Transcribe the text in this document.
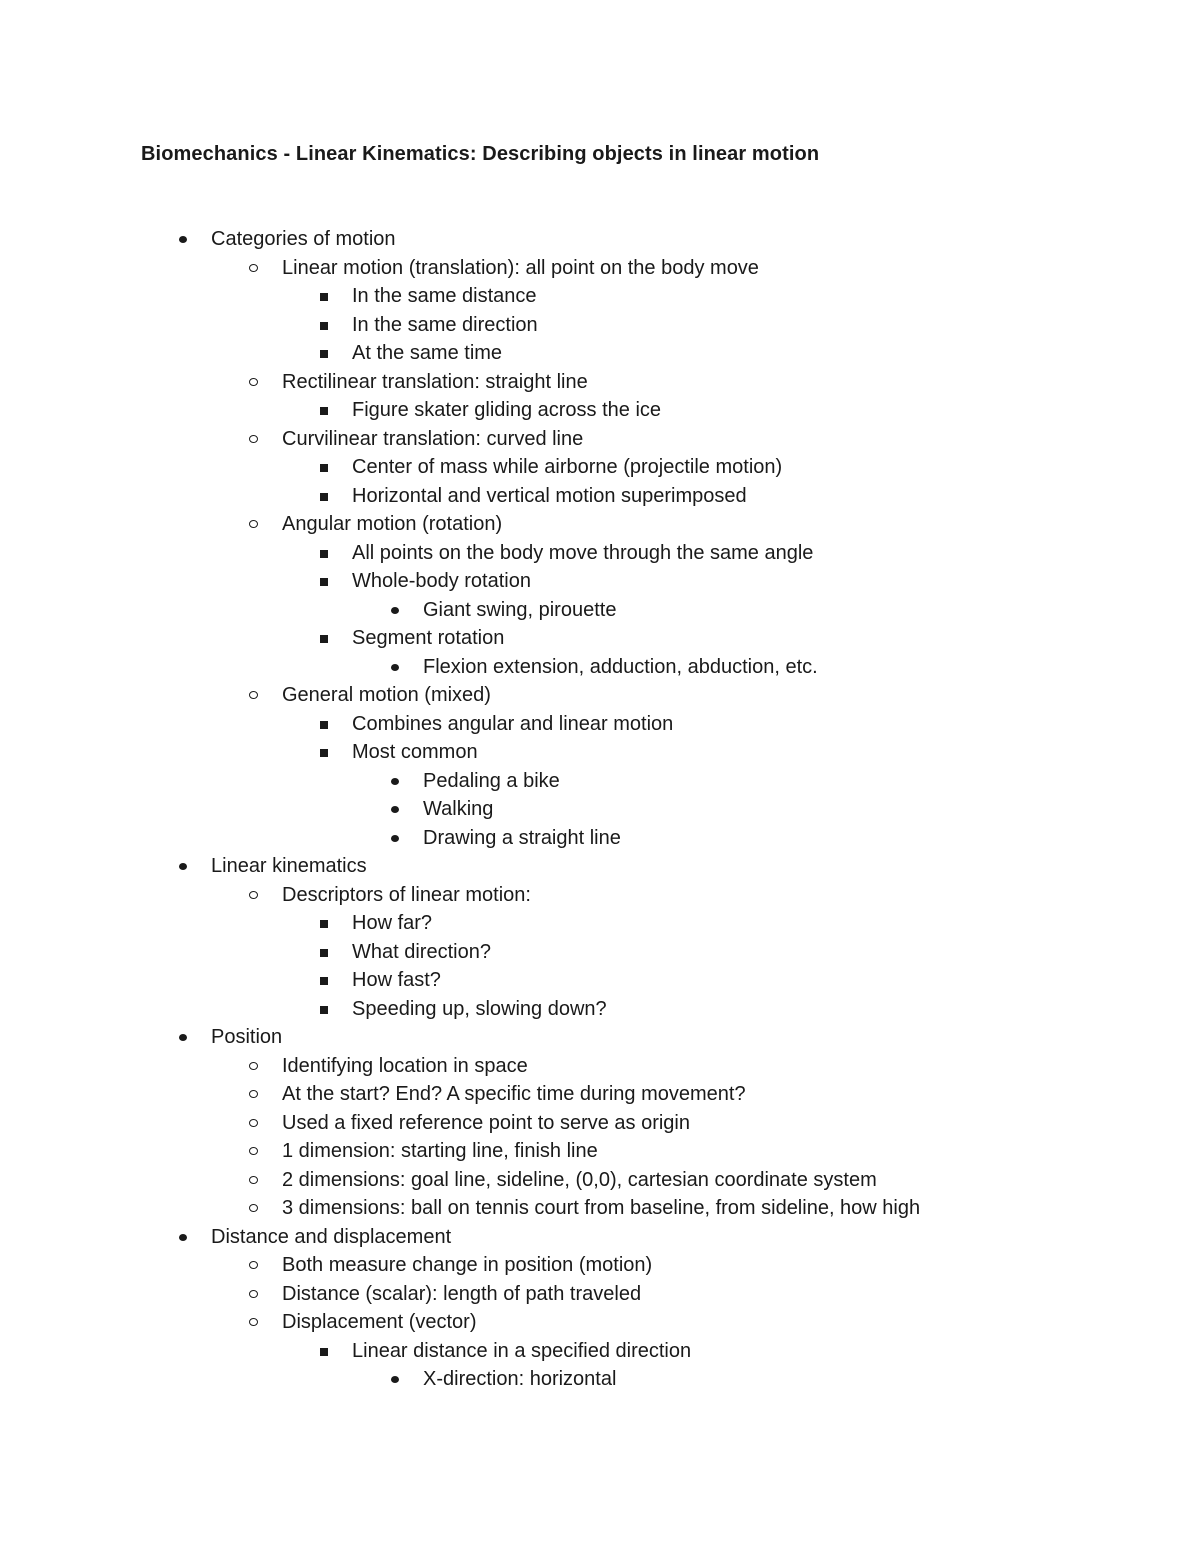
Biomechanics - Linear Kinematics: Describing objects in linear motion
Categories of motion
Linear motion (translation): all point on the body move
In the same distance
In the same direction
At the same time
Rectilinear translation: straight line
Figure skater gliding across the ice
Curvilinear translation: curved line
Center of mass while airborne (projectile motion)
Horizontal and vertical motion superimposed
Angular motion (rotation)
All points on the body move through the same angle
Whole-body rotation
Giant swing, pirouette
Segment rotation
Flexion extension, adduction, abduction, etc.
General motion (mixed)
Combines angular and linear motion
Most common
Pedaling a bike
Walking
Drawing a straight line
Linear kinematics
Descriptors of linear motion:
How far?
What direction?
How fast?
Speeding up, slowing down?
Position
Identifying location in space
At the start? End? A specific time during movement?
Used a fixed reference point to serve as origin
1 dimension: starting line, finish line
2 dimensions: goal line, sideline, (0,0), cartesian coordinate system
3 dimensions: ball on tennis court from baseline, from sideline, how high
Distance and displacement
Both measure change in position (motion)
Distance (scalar): length of path traveled
Displacement (vector)
Linear distance in a specified direction
X-direction: horizontal
